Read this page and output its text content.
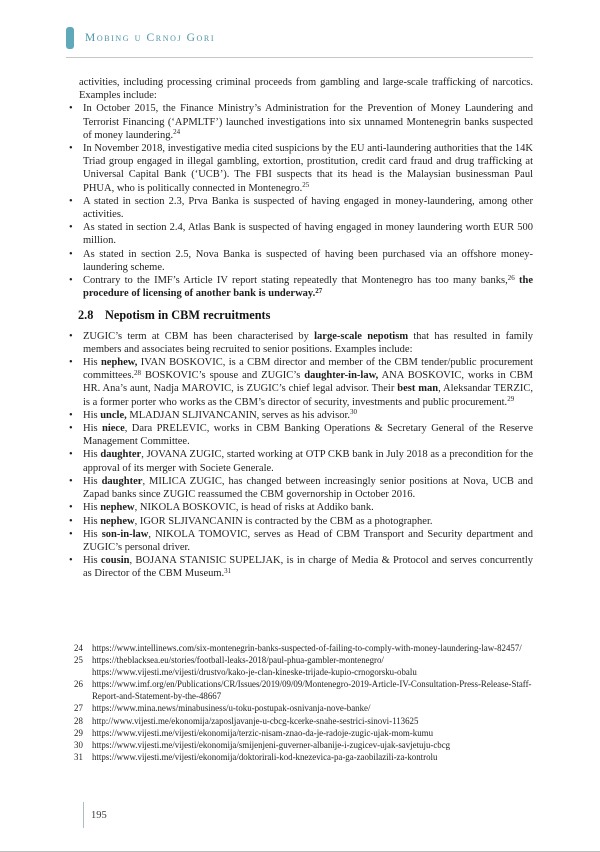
Mobing u Crnoj Gori

activities, including processing criminal proceeds from gambling and large-scale trafficking of narcotics. Examples include:

• In October 2015, the Finance Ministry’s Administration for the Prevention of Money Laundering and Terrorist Financing (‘APMLTF’) launched investigations into six unnamed Montenegrin banks suspected of money laundering.$^{24}$
• In November 2018, investigative media cited suspicions by the EU anti-laundering authorities that the 14K Triad group engaged in illegal gambling, extortion, prostitution, credit card fraud and drug trafficking at Universal Capital Bank (‘UCB’). The FBI suspects that its head is the Malaysian businessman Paul PHUA, who is politically connected in Montenegro.$^{25}$
• A stated in section 2.3, Prva Banka is suspected of having engaged in money-laundering, among other activities.
• As stated in section 2.4, Atlas Bank is suspected of having engaged in money laundering worth EUR 500 million.
• As stated in section 2.5, Nova Banka is suspected of having been purchased via an offshore money-laundering scheme.
• Contrary to the IMF’s Article IV report stating repeatedly that Montenegro has too many banks,$^{26}$ the procedure of licensing of another bank is underway.$^{27}$
2.8 Nepotism in CBM recruitments
• ZUGIC’s term at CBM has been characterised by large-scale nepotism that has resulted in family members and associates being recruited to senior positions. Examples include:
• His nephew, IVAN BOSKOVIC, is a CBM director and member of the CBM tender/public procurement committees.$^{28}$ BOSKOVIC’s spouse and ZUGIC’s daughter-in-law, ANA BOSKOVIC, works in CBM HR. Ana’s aunt, Nadja MAROVIC, is ZUGIC’s chief legal advisor. Their best man, Aleksandar TERZIC, is a former porter who works as the CBM’s director of security, investments and public procurement.$^{29}$
• His uncle, MLADJAN SLJIVANCANIN, serves as his advisor.$^{30}$
• His niece, Dara PRELEVIC, works in CBM Banking Operations & Secretary General of the Reserve Management Committee.
• His daughter, JOVANA ZUGIC, started working at OTP CKB bank in July 2018 as a precondition for the approval of its merger with Societe Generale.
• His daughter, MILICA ZUGIC, has changed between increasingly senior positions at Nova, UCB and Zapad banks since ZUGIC reassumed the CBM governorship in October 2016.
• His nephew, NIKOLA BOSKOVIC, is head of risks at Addiko bank.
• His nephew, IGOR SLJIVANCANIN is contracted by the CBM as a photographer.
• His son-in-law, NIKOLA TOMOVIC, serves as Head of CBM Transport and Security department and ZUGIC’s personal driver.
• His cousin, BOJANA STANISIC SUPELJAK, is in charge of Media & Protocol and serves concurrently as Director of the CBM Museum.$^{31}$
24	https://www.intellinews.com/six-montenegrin-banks-suspected-of-failing-to-comply-with-money-laundering-law-82457/
25	https://theblacksea.eu/stories/football-leaks-2018/paul-phua-gambler-montenegro/
https://www.vijesti.me/vijesti/drustvo/kako-je-clan-kineske-trijade-kupio-crnogorsku-obalu
26	https://www.imf.org/en/Publications/CR/Issues/2019/09/09/Montenegro-2019-Article-IV-Consultation-Press-Release-Staff-Report-and-Statement-by-the-48667
27	https://www.mina.news/minabusiness/u-toku-postupak-osnivanja-nove-banke/
28	http://www.vijesti.me/ekonomija/zaposljavanje-u-cbcg-kcerke-snahe-sestrici-sinovi-113625
29	https://www.vijesti.me/vijesti/ekonomija/terzic-nisam-znao-da-je-radoje-zugic-ujak-mom-kumu
30	https://www.vijesti.me/vijesti/ekonomija/smijenjeni-guverner-albanije-i-zugicev-ujak-savjetuju-cbcg
31	https://www.vijesti.me/vijesti/ekonomija/doktorirali-kod-knezevica-pa-ga-zaobilazili-za-kontrolu
195
